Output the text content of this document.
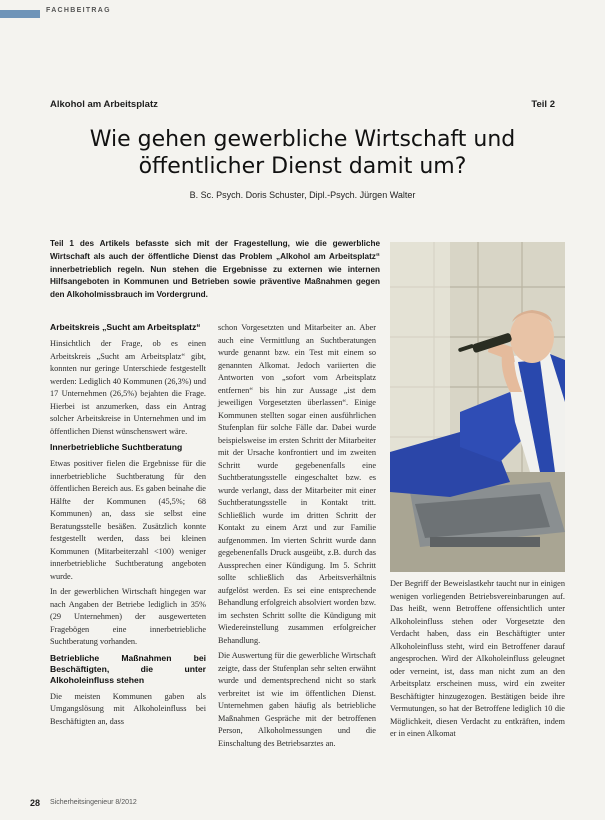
FACHBEITRAG
Alkohol am Arbeitsplatz	Teil 2
Wie gehen gewerbliche Wirtschaft und
öffentlicher Dienst damit um?
B. Sc. Psych. Doris Schuster, Dipl.-Psych. Jürgen Walter
Teil 1 des Artikels befasste sich mit der Fragestellung, wie die gewerbliche Wirtschaft als auch der öffentliche Dienst das Problem „Alkohol am Arbeitsplatz“ innerbetrieblich regeln. Nun stehen die Ergebnisse zu externen wie internen Hilfsangeboten in Kommunen und Betrieben sowie präventive Maßnahmen gegen den Alkoholmissbrauch im Vordergrund.
Arbeitskreis „Sucht am Arbeitsplatz“

Hinsichtlich der Frage, ob es einen Arbeitskreis „Sucht am Arbeitsplatz“ gibt, konnten nur geringe Unterschiede festgestellt werden: Lediglich 40 Kommunen (26,3%) und 17 Unternehmen (26,5%) bejahten die Frage. Hierbei ist anzumerken, dass ein Antrag solcher Arbeitskreise in Unternehmen und im öffentlichen Dienst wünschenswert wäre.

Innerbetriebliche Suchtberatung

Etwas positiver fielen die Ergebnisse für die innerbetriebliche Suchtberatung für den öffentlichen Bereich aus. Es gaben beinahe die Hälfte der Kommunen (45,5%; 68 Kommunen) an, dass sie selbst eine Beratungsstelle besäßen. Zusätzlich konnte festgestellt werden, dass bei kleinen Kommunen (Mitarbeiterzahl <100) weniger innerbetriebliche Suchtberatung angeboten wurde.

In der gewerblichen Wirtschaft hingegen war nach Angaben der Betriebe lediglich in 35% (29 Unternehmen) der ausgewerteten Fragebögen eine innerbetriebliche Suchtberatung vorhanden.

Betriebliche Maßnahmen bei Beschäftigten, die unter Alkoholeinfluss stehen

Die meisten Kommunen gaben als Umgangslösung mit Alkoholeinfluss bei Beschäftigten an, dass

schon Vorgesetzten und Mitarbeiter an. Aber auch eine Vermittlung an Suchtberatungen wurde genannt bzw. ein Test mit einem so genannten Alkomat. Jedoch variierten die Antworten von „sofort vom Arbeitsplatz entfernen“ bis hin zur Aussage „ist dem jeweiligen Vorgesetzten überlassen“. Einige Kommunen stellten sogar einen ausführlichen Stufenplan für solche Fälle dar. Dabei wurde beispielsweise im ersten Schritt der Mitarbeiter mit der Ursache konfrontiert und im zweiten Schritt wurde gegebenenfalls eine Suchtberatungsstelle eingeschaltet bzw. es wurde verlangt, dass der Mitarbeiter mit einer Suchtberatungsstelle in Kontakt tritt. Schließlich wurde im dritten Schritt der Kontakt zu einem Arzt und zur Familie aufgenommen. Im vierten Schritt wurde dann gegebenenfalls Druck ausgeübt, z.B. durch das Aussprechen einer Kündigung. Im 5. Schritt sollte schließlich das Arbeitsverhältnis aufgelöst werden. Es sei eine entsprechende Behandlung erfolgreich absolviert worden bzw. im sechsten Schritt sollte die Kündigung mit Wiedereinstellung zusammen erfolgreicher Behandlung.

Die Auswertung für die gewerbliche Wirtschaft zeigte, dass der Stufenplan sehr selten erwähnt wurde und dementsprechend nicht so stark verbreitet ist wie im öffentlichen Dienst. Unternehmen gaben häufig als betriebliche Maßnahmen Gespräche mit der betroffenen Person, Alkoholmessungen und die Einschaltung des Betriebsarztes an.

Der Begriff der Beweislastkehr taucht nur in einigen wenigen vorliegenden Betriebsvereinbarungen auf. Das heißt, wenn Betroffene offensichtlich unter Alkoholeinfluss stehen oder Vorgesetzte den Verdacht haben, dass ein Beschäftigter unter Alkoholeinfluss steht, wird ein Betroffener darauf angesprochen. Wird der Alkoholeinfluss geleugnet oder verneint, ist, dass man nicht zum an den Arbeitsplatz erscheinen muss, wird ein zweiter Beschäftigter hinzugezogen. Bestätigen beide ihre Vermutungen, so hat der Betroffene lediglich 10 die Möglichkeit, diesen Verdacht zu entkräften, indem er in einen Alkomat

28 Sicherheitsingenieur 8/2012
